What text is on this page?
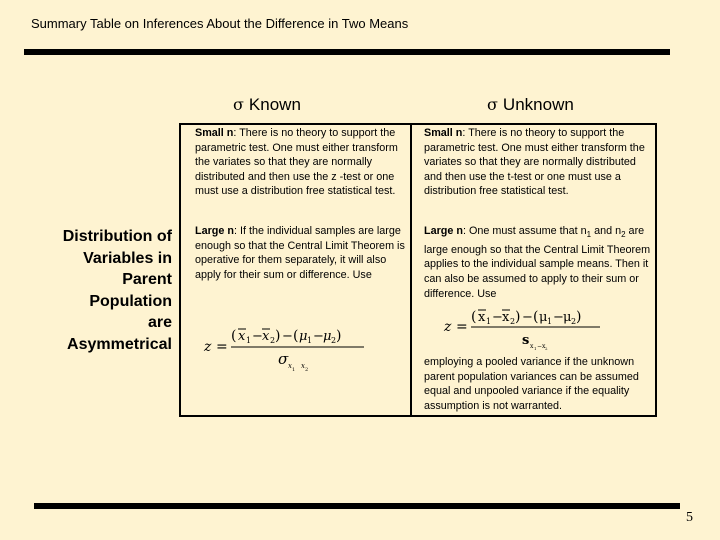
Summary Table on Inferences About the Difference in Two Means
σ Known	σ Unknown
Distribution of
Variables in
Parent
Population
are
Asymmetrical
Small n: There is no theory to support the parametric test. One must either transform the variates so that they are normally distributed and then use the z -test or one must use a distribution free statistical test.
Small n: There is no theory to support the parametric test. One must either transform the variates so that they are normally distributed and then use the t-test or one must use a distribution free statistical test.
Large n: If the individual samples are large enough so that the Central Limit Theorem is operative for them separately, it will also apply for their sum or difference. Use
Large n: One must assume that $n_1$ and $n_2$ are large enough so that the Central Limit Theorem applies to the individual sample means. Then it can also be assumed to apply to their sum or difference. Use
employing a pooled variance if the unknown parent population variances can be assumed equal and unpooled variance if the equality assumption is not warranted.
z =
( x 1 − x 2 ) − ( μ 1 − μ 2 )
σ x 1 x 2
z =
( x 1 − x 2 ) − ( μ 1 − μ 2 )
s x 1 −x 2
5
